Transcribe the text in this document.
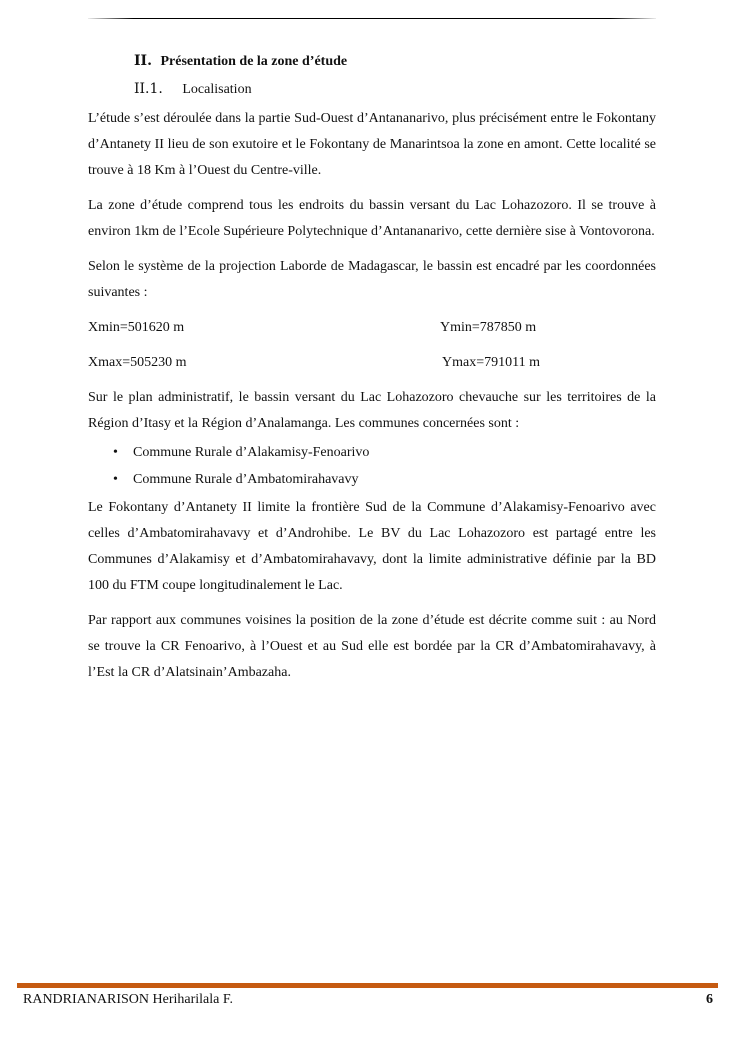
II. Présentation de la zone d’étude
II.1. Localisation

L’étude s’est déroulée dans la partie Sud-Ouest d’Antananarivo, plus précisément entre le Fokontany d’Antanety II lieu de son exutoire et le Fokontany de Manarintsoa la zone en amont. Cette localité se trouve à 18 Km à l’Ouest du Centre-ville.

La zone d’étude comprend tous les endroits du bassin versant du Lac Lohazozoro. Il se trouve à environ 1km de l’Ecole Supérieure Polytechnique d’Antananarivo, cette dernière sise à Vontovorona.

Selon le système de la projection Laborde de Madagascar, le bassin est encadré par les coordonnées suivantes :

Xmin=501620 m	Ymin=787850 m
Xmax=505230 m	Ymax=791011 m

Sur le plan administratif, le bassin versant du Lac Lohazozoro chevauche sur les territoires de la Région d’Itasy et la Région d’Analamanga. Les communes concernées sont :

• Commune Rurale d’Alakamisy-Fenoarivo
• Commune Rurale d’Ambatomirahavavy

Le Fokontany d’Antanety II limite la frontière Sud de la Commune d’Alakamisy-Fenoarivo avec celles d’Ambatomirahavavy et d’Androhibe. Le BV du Lac Lohazozoro est partagé entre les Communes d’Alakamisy et d’Ambatomirahavavy, dont la limite administrative définie par la BD 100 du FTM coupe longitudinalement le Lac.

Par rapport aux communes voisines la position de la zone d’étude est décrite comme suit : au Nord se trouve la CR Fenoarivo, à l’Ouest et au Sud elle est bordée par la CR d’Ambatomirahavavy, à l’Est la CR d’Alatsinain’Ambazaha.

RANDRIANARISON Heriharilala F.	6
